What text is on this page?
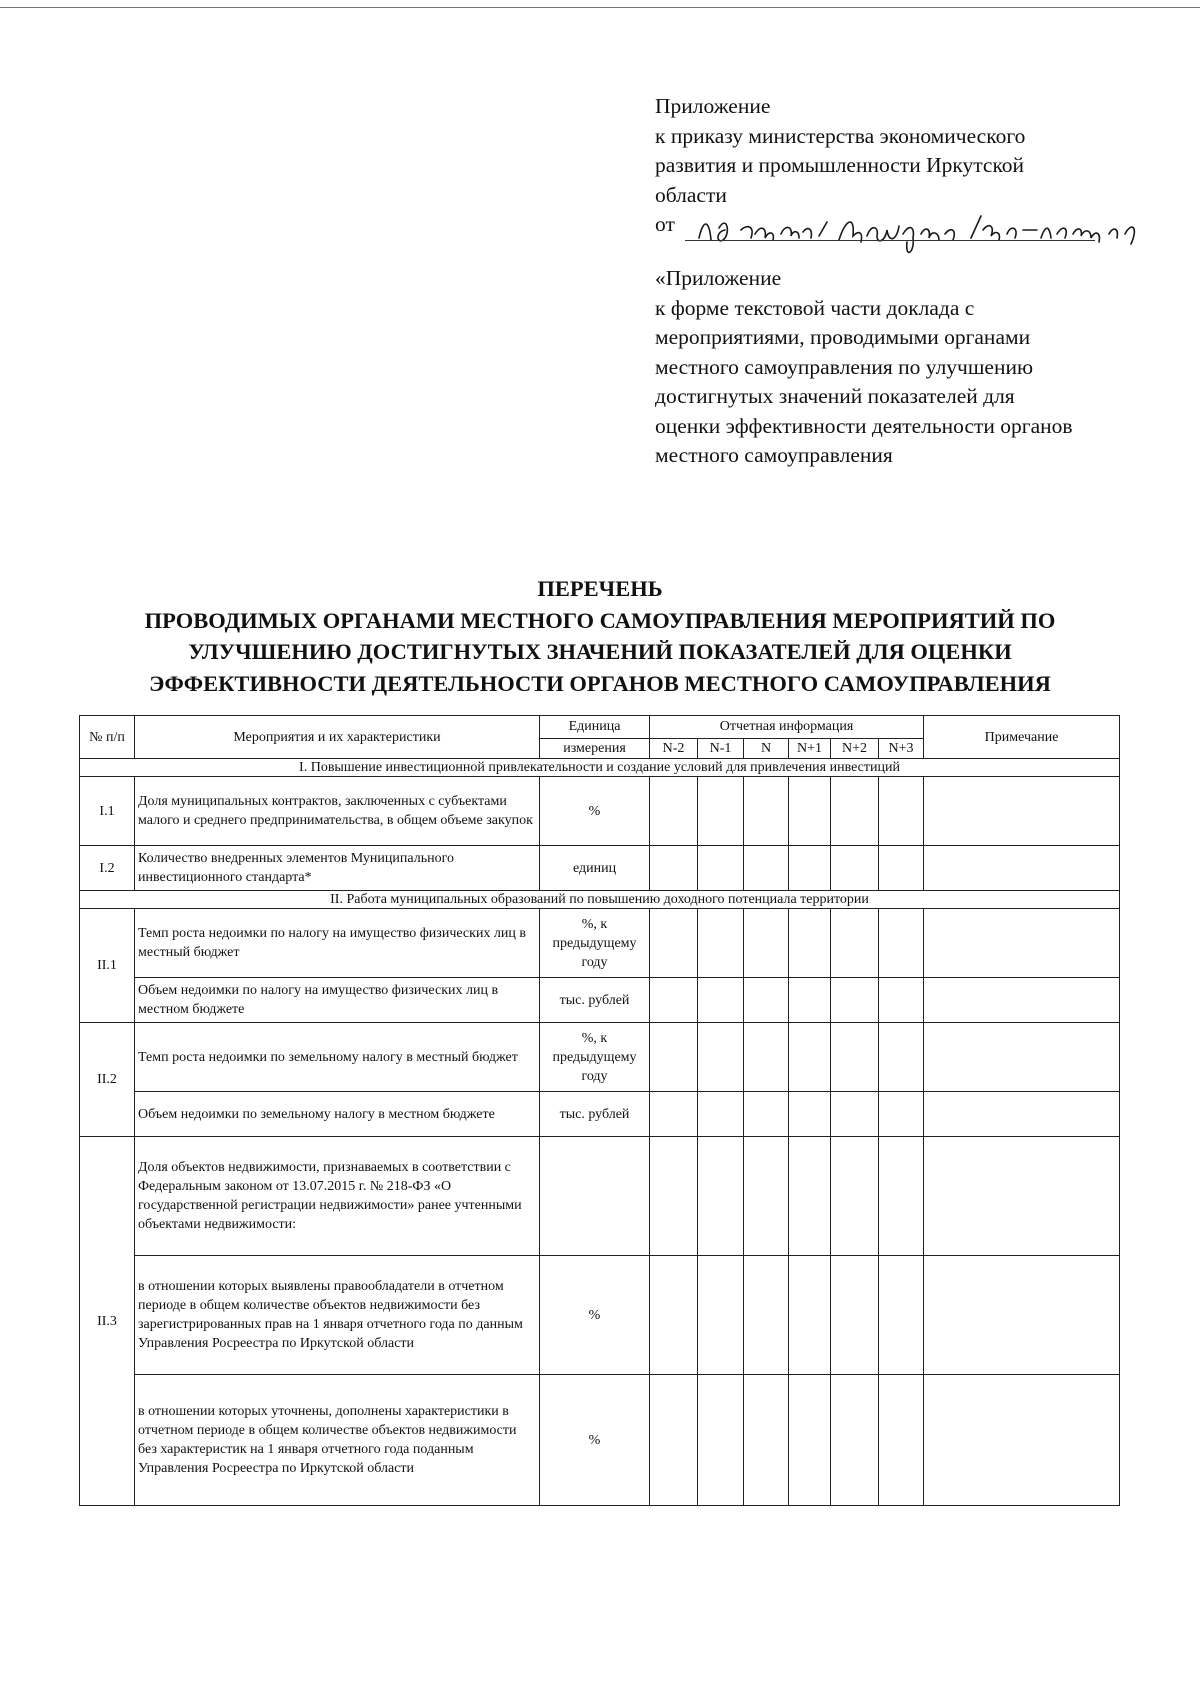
Приложение
к приказу министерства экономического
развития и промышленности Иркутской
области
от
«Приложение
к форме текстовой части доклада с
мероприятиями, проводимыми органами
местного самоуправления по улучшению
достигнутых значений показателей для
оценки эффективности деятельности органов
местного самоуправления
ПЕРЕЧЕНЬ
ПРОВОДИМЫХ ОРГАНАМИ МЕСТНОГО САМОУПРАВЛЕНИЯ МЕРОПРИЯТИЙ ПО
УЛУЧШЕНИЮ ДОСТИГНУТЫХ ЗНАЧЕНИЙ ПОКАЗАТЕЛЕЙ ДЛЯ ОЦЕНКИ
ЭФФЕКТИВНОСТИ ДЕЯТЕЛЬНОСТИ ОРГАНОВ МЕСТНОГО САМОУПРАВЛЕНИЯ
№ п/п	Мероприятия и их характеристики	Единица	Отчетная информация						Примечание
		измерения	N-2	N-1	N	N+1	N+2	N+3	
I. Повышение инвестиционной привлекательности и создание условий для привлечения инвестиций									
I.1	Доля муниципальных контрактов, заключенных с субъектами малого и среднего предпринимательства, в общем объеме закупок	%							
I.2	Количество внедренных элементов Муниципального инвестиционного стандарта*	единиц							
II. Работа муниципальных образований по повышению доходного потенциала территории									
II.1	Темп роста недоимки по налогу на имущество физических лиц в местный бюджет	%, к предыдущему году							
	Объем недоимки по налогу на имущество физических лиц в местном бюджете	тыс. рублей							
II.2	Темп роста недоимки по земельному налогу в местный бюджет	%, к предыдущему году							
	Объем недоимки по земельному налогу в местном бюджете	тыс. рублей							
II.3	Доля объектов недвижимости, признаваемых в соответствии с Федеральным законом от 13.07.2015 г. № 218-ФЗ «О государственной регистрации недвижимости» ранее учтенными объектами недвижимости:								
	в отношении которых выявлены правообладатели в отчетном периоде в общем количестве объектов недвижимости без зарегистрированных прав на 1 января отчетного года по данным Управления Росреестра по Иркутской области	%							
	в отношении которых уточнены, дополнены характеристики в отчетном периоде в общем количестве объектов недвижимости без характеристик на 1 января отчетного года поданным Управления Росреестра по Иркутской области	%							
